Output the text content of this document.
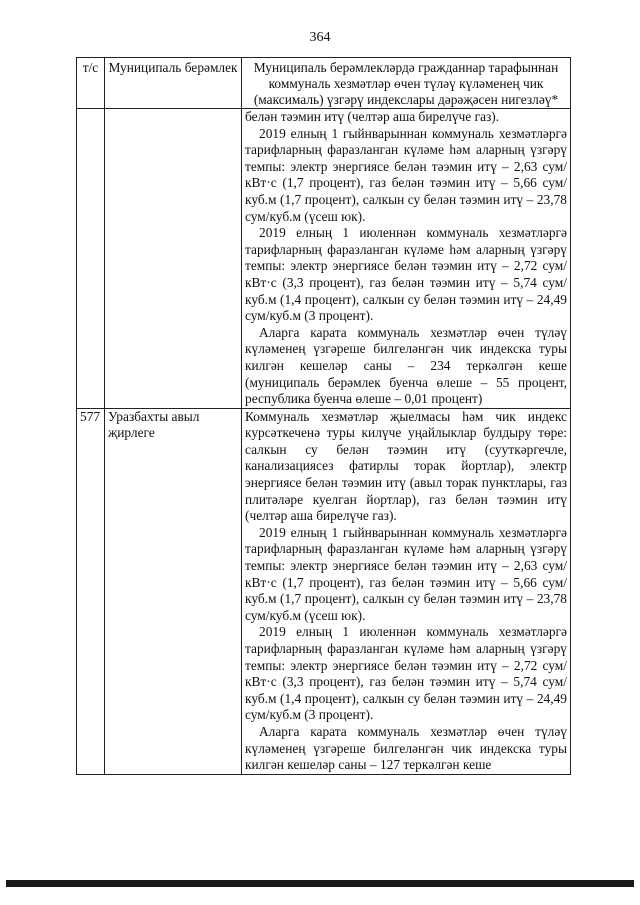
364
т/с	Муниципаль берәмлек	Муниципаль берәмлекләрдә гражданнар тарафыннан коммуналь хезмәтләр өчен түләү күләменең чик (максималь) үзгәрү индекслары дәрәҗәсен нигезләү*

		белән тәэмин итү (челтәр аша бирелүче газ).

2019 елның 1 гыйнварыннан коммуналь хезмәтләргә тарифларның фаразланган күләме һәм аларның үзгәрү темпы: электр энергиясе белән тәэмин итү – 2,63 сум/кВт·с (1,7 процент), газ белән тәэмин итү – 5,66 сум/куб.м (1,7 процент), салкын су белән тәэмин итү – 23,78 сум/куб.м (үсеш юк).

2019 елның 1 июленнән коммуналь хезмәтләргә тарифларның фаразланган күләме һәм аларның үзгәрү темпы: электр энергиясе белән тәэмин итү – 2,72 сум/кВт·с (3,3 процент), газ белән тәэмин итү – 5,74 сум/куб.м (1,4 процент), салкын су белән тәэмин итү – 24,49 сум/куб.м (3 процент).

Аларга карата коммуналь хезмәтләр өчен түләү күләменең үзгәреше билгеләнгән чик индекска туры килгән кешеләр саны – 234 теркәлгән кеше (муниципаль берәмлек буенча өлеше – 55 процент, республика буенча өлеше – 0,01 процент)

577	Уразбахты авыл җирлеге	Коммуналь хезмәтләр җыелмасы һәм чик индекс курсәткеченә туры килүче уңайлыклар булдыру төре: салкын су белән тәэмин итү (сууткәргечле, канализациясез фатирлы торак йортлар), электр энергиясе белән тәэмин итү (авыл торак пунктлары, газ плитәләре куелган йортлар), газ белән тәэмин итү (челтәр аша бирелүче газ).

2019 елның 1 гыйнварыннан коммуналь хезмәтләргә тарифларның фаразланган күләме һәм аларның үзгәрү темпы: электр энергиясе белән тәэмин итү – 2,63 сум/кВт·с (1,7 процент), газ белән тәэмин итү – 5,66 сум/куб.м (1,7 процент), салкын су белән тәэмин итү – 23,78 сум/куб.м (үсеш юк).

2019 елның 1 июленнән коммуналь хезмәтләргә тарифларның фаразланган күләме һәм аларның үзгәрү темпы: электр энергиясе белән тәэмин итү – 2,72 сум/кВт·с (3,3 процент), газ белән тәэмин итү – 5,74 сум/куб.м (1,4 процент), салкын су белән тәэмин итү – 24,49 сум/куб.м (3 процент).

Аларга карата коммуналь хезмәтләр өчен түләү күләменең үзгәреше билгеләнгән чик индекска туры килгән кешеләр саны – 127 теркәлгән кеше
